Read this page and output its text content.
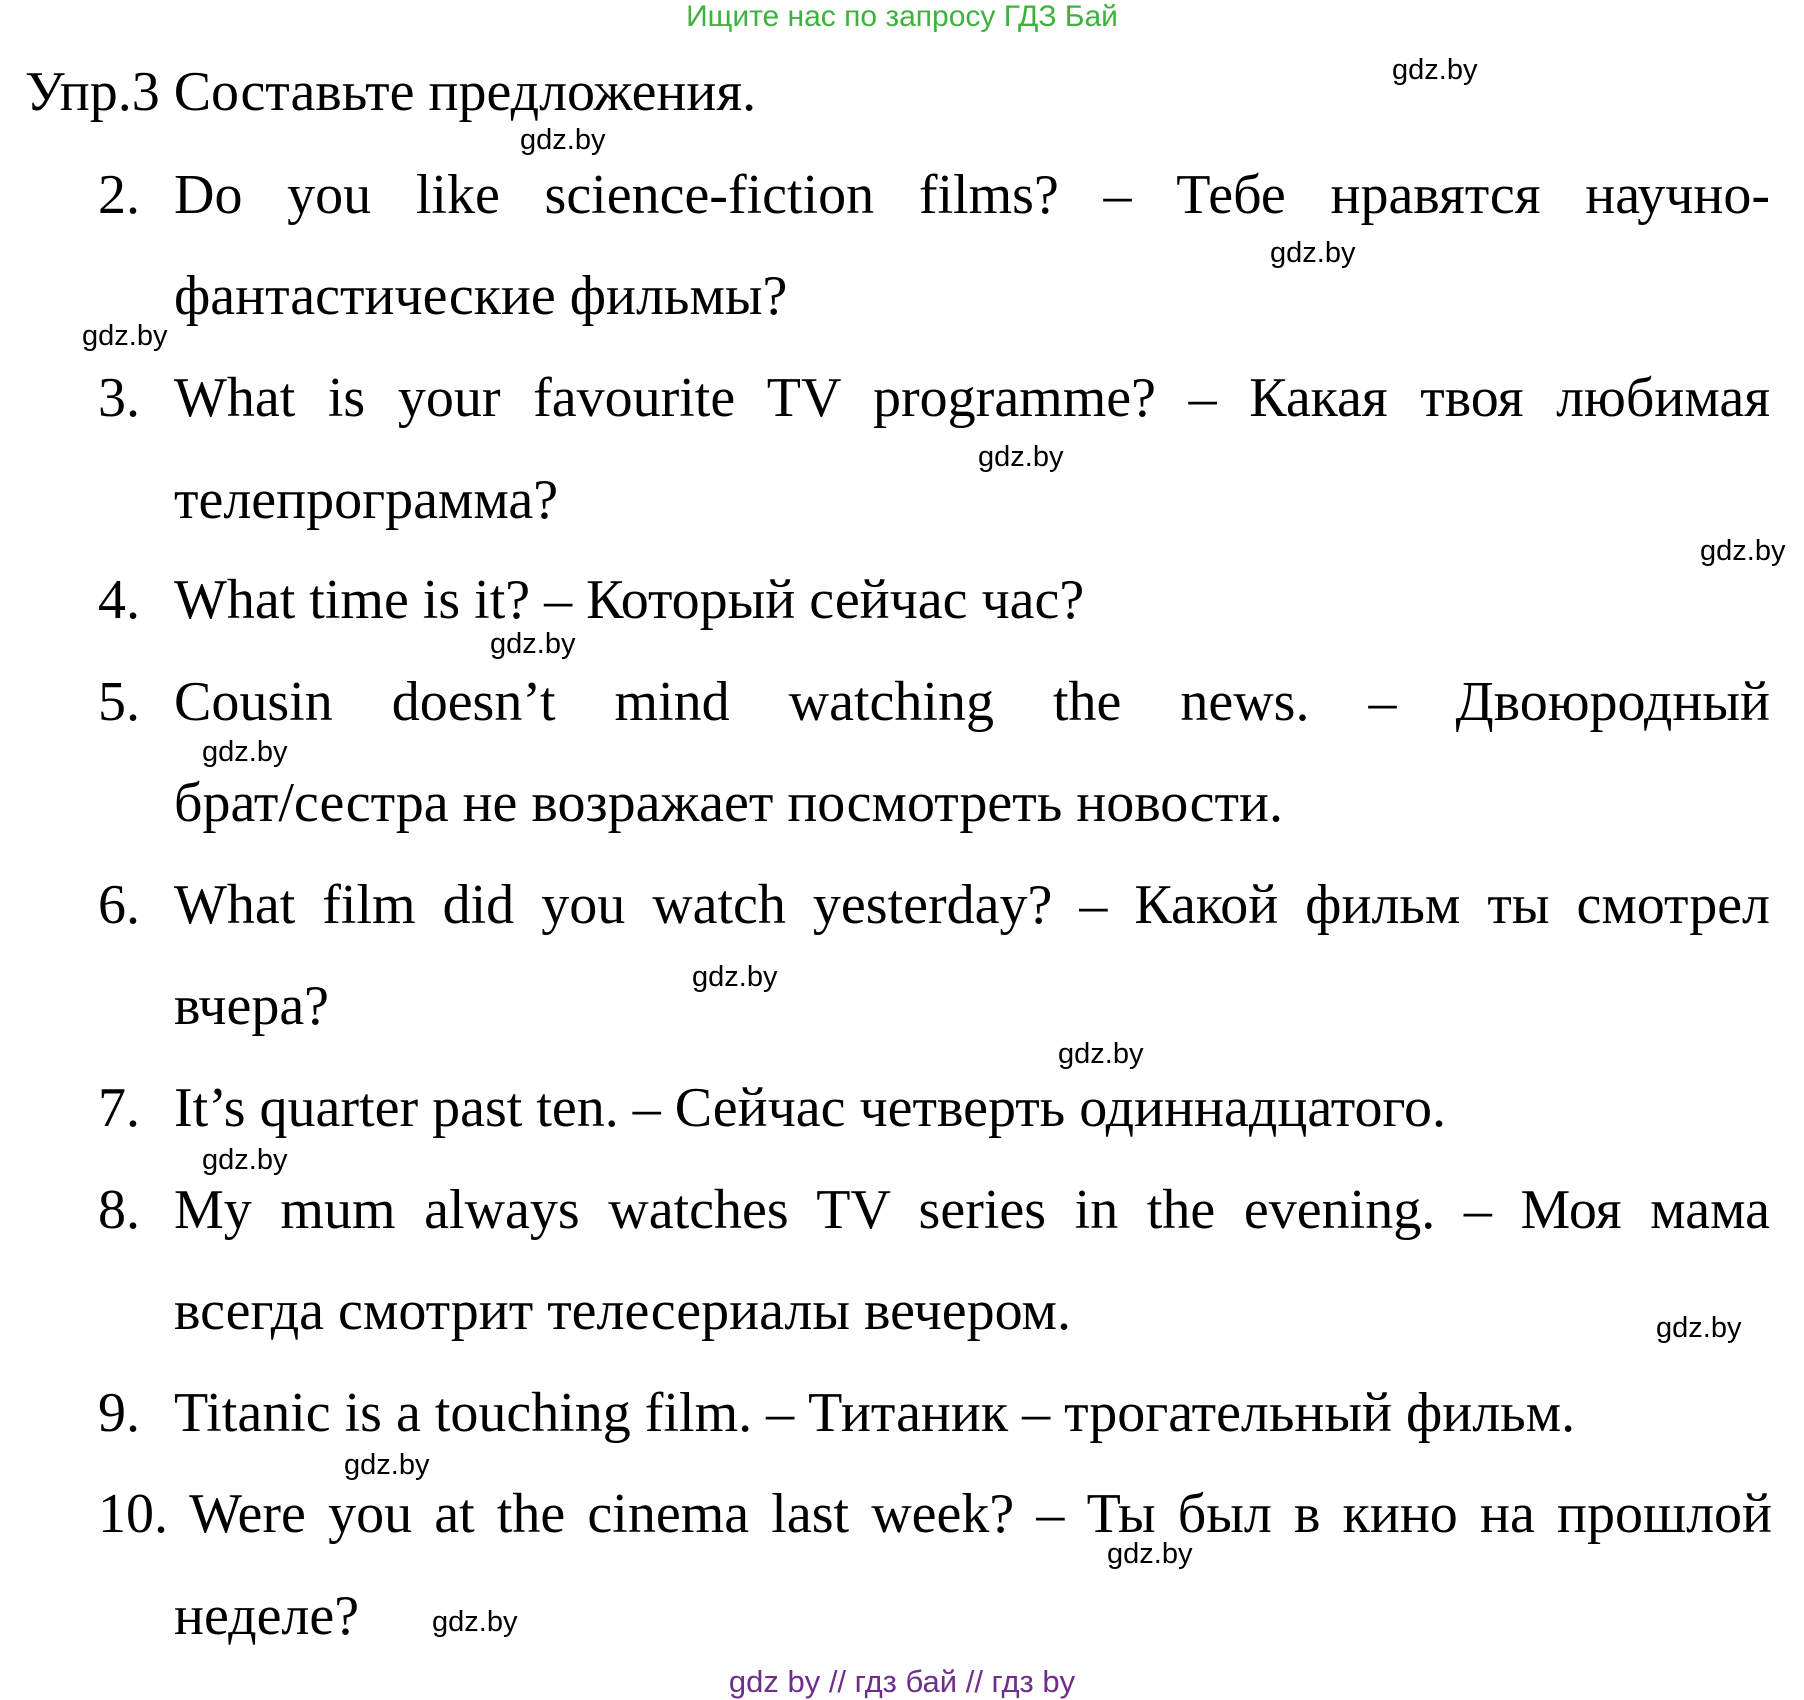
Ищите нас по запросу ГДЗ Бай
Упр.3 Составьте предложения.
2. Do you like science-fiction films? – Тебе нравятся научно-
фантастические фильмы?
3. What is your favourite TV programme? – Какая твоя любимая
телепрограмма?
4. What time is it? – Который сейчас час?
5. Cousin doesn’t mind watching the news. – Двоюродный
брат/сестра не возражает посмотреть новости.
6. What film did you watch yesterday? – Какой фильм ты смотрел
вчера?
7. It’s quarter past ten. – Сейчас четверть одиннадцатого.
8. My mum always watches TV series in the evening. – Моя мама
всегда смотрит телесериалы вечером.
9. Titanic is a touching film. – Титаник – трогательный фильм.
10. Were you at the cinema last week? – Ты был в кино на прошлой
неделе?
gdz.by
gdz.by
gdz.by
gdz.by
gdz.by
gdz.by
gdz.by
gdz.by
gdz.by
gdz.by
gdz.by
gdz.by
gdz.by
gdz.by
gdz.by
gdz by // гдз бай // гдз by
